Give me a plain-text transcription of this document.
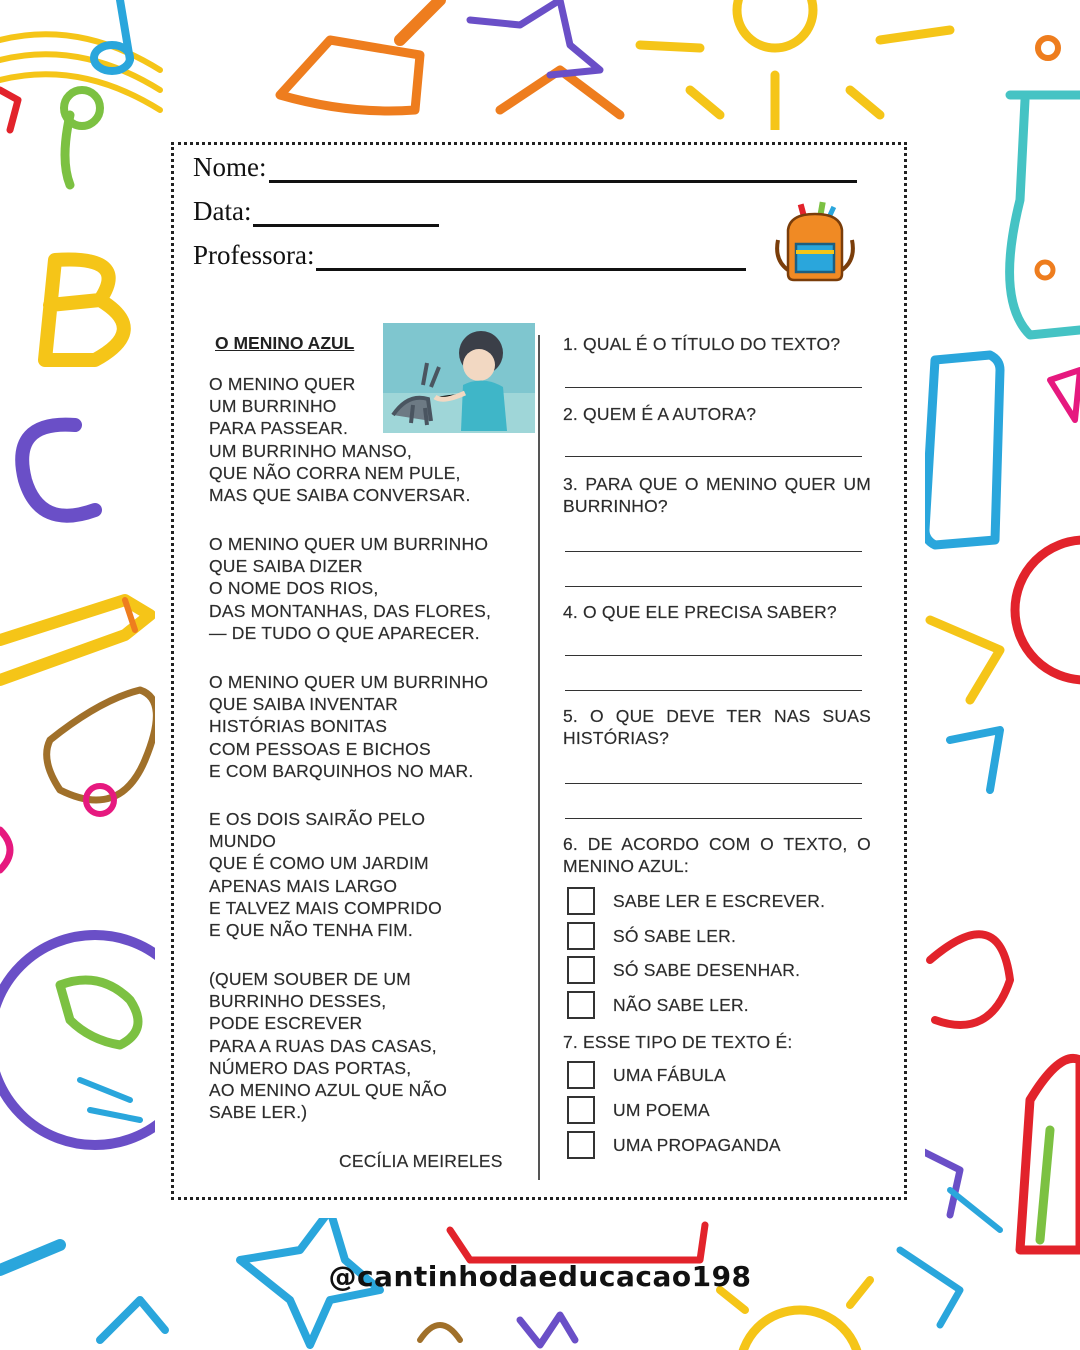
Nome:
Data:
Professora:
O MENINO AZUL
O MENINO QUER
UM BURRINHO
PARA PASSEAR.
UM BURRINHO MANSO,
QUE NÃO CORRA NEM PULE,
MAS QUE SAIBA CONVERSAR.
O MENINO QUER UM BURRINHO
QUE SAIBA DIZER
O NOME DOS RIOS,
DAS MONTANHAS, DAS FLORES,
— DE TUDO O QUE APARECER.
O MENINO QUER UM BURRINHO
QUE SAIBA INVENTAR
HISTÓRIAS BONITAS
COM PESSOAS E BICHOS
E COM BARQUINHOS NO MAR.
E OS DOIS SAIRÃO PELO
MUNDO
QUE É COMO UM JARDIM
APENAS MAIS LARGO
E TALVEZ MAIS COMPRIDO
E QUE NÃO TENHA FIM.
(QUEM SOUBER DE UM
BURRINHO DESSES,
PODE ESCREVER
PARA A RUAS DAS CASAS,
NÚMERO DAS PORTAS,
AO MENINO AZUL QUE NÃO
SABE LER.)
CECÍLIA MEIRELES
1. QUAL É O TÍTULO DO TEXTO?
2. QUEM É A AUTORA?
3. PARA QUE O MENINO QUER UM BURRINHO?
4. O QUE ELE PRECISA SABER?
5. O QUE DEVE TER NAS SUAS HISTÓRIAS?
6. DE ACORDO COM O TEXTO, O MENINO AZUL:
SABE LER E ESCREVER.
SÓ SABE LER.
SÓ SABE DESENHAR.
NÃO SABE LER.
7. ESSE TIPO DE TEXTO É:
UMA FÁBULA
UM POEMA
UMA PROPAGANDA
@cantinhodaeducacao198
